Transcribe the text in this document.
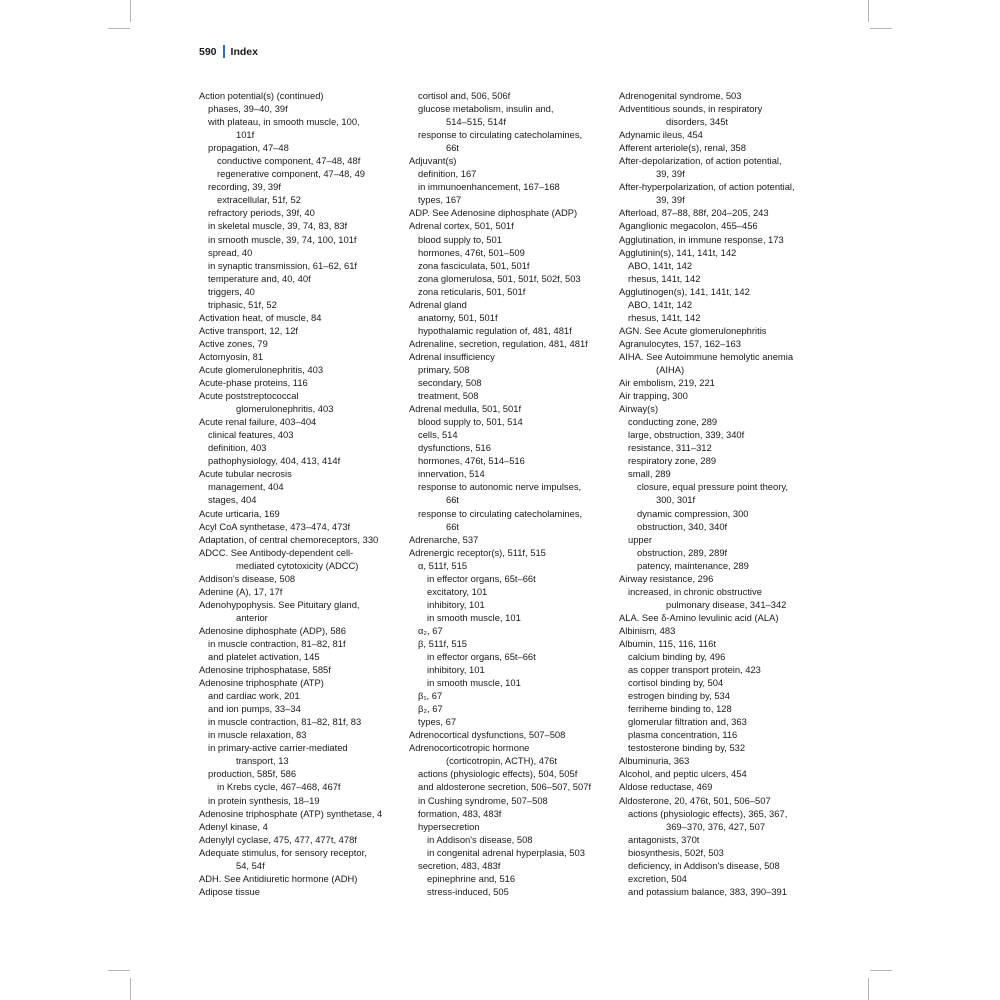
590 Index
Action potential(s) (continued)
phases, 39–40, 39f
with plateau, in smooth muscle, 100,
101f
propagation, 47–48
conductive component, 47–48, 48f
regenerative component, 47–48, 49
recording, 39, 39f
extracellular, 51f, 52
refractory periods, 39f, 40
in skeletal muscle, 39, 74, 83, 83f
in smooth muscle, 39, 74, 100, 101f
spread, 40
in synaptic transmission, 61–62, 61f
temperature and, 40, 40f
triggers, 40
triphasic, 51f, 52
Activation heat, of muscle, 84
Active transport, 12, 12f
Active zones, 79
Actomyosin, 81
Acute glomerulonephritis, 403
Acute-phase proteins, 116
Acute poststreptococcal
glomerulonephritis, 403
Acute renal failure, 403–404
clinical features, 403
definition, 403
pathophysiology, 404, 413, 414f
Acute tubular necrosis
management, 404
stages, 404
Acute urticaria, 169
Acyl CoA synthetase, 473–474, 473f
Adaptation, of central chemoreceptors, 330
ADCC. See Antibody-dependent cell-
mediated cytotoxicity (ADCC)
Addison's disease, 508
Adenine (A), 17, 17f
Adenohypophysis. See Pituitary gland,
anterior
Adenosine diphosphate (ADP), 586
in muscle contraction, 81–82, 81f
and platelet activation, 145
Adenosine triphosphatase, 585f
Adenosine triphosphate (ATP)
and cardiac work, 201
and ion pumps, 33–34
in muscle contraction, 81–82, 81f, 83
in muscle relaxation, 83
in primary-active carrier-mediated
transport, 13
production, 585f, 586
in Krebs cycle, 467–468, 467f
in protein synthesis, 18–19
Adenosine triphosphate (ATP) synthetase, 4
Adenyl kinase, 4
Adenylyl cyclase, 475, 477, 477t, 478f
Adequate stimulus, for sensory receptor,
54, 54f
ADH. See Antidiuretic hormone (ADH)
Adipose tissue
cortisol and, 506, 506f
glucose metabolism, insulin and,
514–515, 514f
response to circulating catecholamines,
66t
Adjuvant(s)
definition, 167
in immunoenhancement, 167–168
types, 167
ADP. See Adenosine diphosphate (ADP)
Adrenal cortex, 501, 501f
blood supply to, 501
hormones, 476t, 501–509
zona fasciculata, 501, 501f
zona glomerulosa, 501, 501f, 502f, 503
zona reticularis, 501, 501f
Adrenal gland
anatomy, 501, 501f
hypothalamic regulation of, 481, 481f
Adrenaline, secretion, regulation, 481, 481f
Adrenal insufficiency
primary, 508
secondary, 508
treatment, 508
Adrenal medulla, 501, 501f
blood supply to, 501, 514
cells, 514
dysfunctions, 516
hormones, 476t, 514–516
innervation, 514
response to autonomic nerve impulses,
66t
response to circulating catecholamines,
66t
Adrenarche, 537
Adrenergic receptor(s), 511f, 515
α, 511f, 515
in effector organs, 65t–66t
excitatory, 101
inhibitory, 101
in smooth muscle, 101
α₂, 67
β, 511f, 515
in effector organs, 65t–66t
inhibitory, 101
in smooth muscle, 101
β₁, 67
β₂, 67
types, 67
Adrenocortical dysfunctions, 507–508
Adrenocorticotropic hormone
(corticotropin, ACTH), 476t
actions (physiologic effects), 504, 505f
and aldosterone secretion, 506–507, 507f
in Cushing syndrome, 507–508
formation, 483, 483f
hypersecretion
in Addison's disease, 508
in congenital adrenal hyperplasia, 503
secretion, 483, 483f
epinephrine and, 516
stress-induced, 505
Adrenogenital syndrome, 503
Adventitious sounds, in respiratory
disorders, 345t
Adynamic ileus, 454
Afferent arteriole(s), renal, 358
After-depolarization, of action potential,
39, 39f
After-hyperpolarization, of action potential,
39, 39f
Afterload, 87–88, 88f, 204–205, 243
Aganglionic megacolon, 455–456
Agglutination, in immune response, 173
Agglutinin(s), 141, 141t, 142
ABO, 141t, 142
rhesus, 141t, 142
Agglutinogen(s), 141, 141t, 142
ABO, 141t, 142
rhesus, 141t, 142
AGN. See Acute glomerulonephritis
Agranulocytes, 157, 162–163
AIHA. See Autoimmune hemolytic anemia
(AIHA)
Air embolism, 219, 221
Air trapping, 300
Airway(s)
conducting zone, 289
large, obstruction, 339, 340f
resistance, 311–312
respiratory zone, 289
small, 289
closure, equal pressure point theory,
300, 301f
dynamic compression, 300
obstruction, 340, 340f
upper
obstruction, 289, 289f
patency, maintenance, 289
Airway resistance, 296
increased, in chronic obstructive
pulmonary disease, 341–342
ALA. See δ-Amino levulinic acid (ALA)
Albinism, 483
Albumin, 115, 116, 116t
calcium binding by, 496
as copper transport protein, 423
cortisol binding by, 504
estrogen binding by, 534
ferriheme binding to, 128
glomerular filtration and, 363
plasma concentration, 116
testosterone binding by, 532
Albuminuria, 363
Alcohol, and peptic ulcers, 454
Aldose reductase, 469
Aldosterone, 20, 476t, 501, 506–507
actions (physiologic effects), 365, 367,
369–370, 376, 427, 507
antagonists, 370t
biosynthesis, 502f, 503
deficiency, in Addison's disease, 508
excretion, 504
and potassium balance, 383, 390–391
